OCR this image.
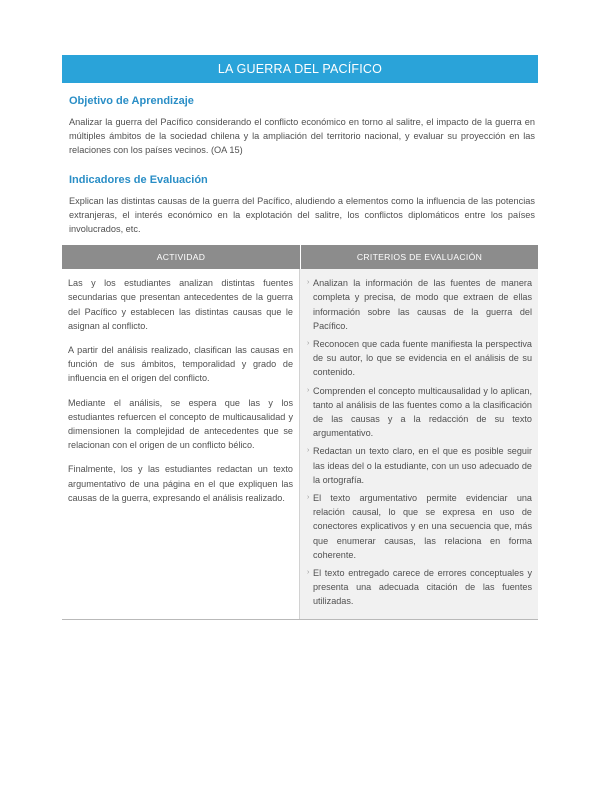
LA GUERRA DEL PACÍFICO
Objetivo de Aprendizaje
Analizar la guerra del Pacífico considerando el conflicto económico en torno al salitre, el impacto de la guerra en múltiples ámbitos de la sociedad chilena y la ampliación del territorio nacional, y evaluar su proyección en las relaciones con los países vecinos. (OA 15)
Indicadores de Evaluación
Explican las distintas causas de la guerra del Pacífico, aludiendo a elementos como la influencia de las potencias extranjeras, el interés económico en la explotación del salitre, los conflictos diplomáticos entre los países involucrados, etc.
ACTIVIDAD	CRITERIOS DE EVALUACIÓN

Las y los estudiantes analizan distintas fuentes secundarias que presentan antecedentes de la guerra del Pacífico y establecen las distintas causas que le asignan al conflicto.

A partir del análisis realizado, clasifican las causas en función de sus ámbitos, temporalidad y grado de influencia en el origen del conflicto.

Mediante el análisis, se espera que las y los estudiantes refuercen el concepto de multicausalidad y dimensionen la complejidad de antecedentes que se relacionan con el origen de un conflicto bélico.

Finalmente, los y las estudiantes redactan un texto argumentativo de una página en el que expliquen las causas de la guerra, expresando el análisis realizado.

› Analizan la información de las fuentes de manera completa y precisa, de modo que extraen de ellas información sobre las causas de la guerra del Pacífico.
› Reconocen que cada fuente manifiesta la perspectiva de su autor, lo que se evidencia en el análisis de su contenido.
› Comprenden el concepto multicausalidad y lo aplican, tanto al análisis de las fuentes como a la clasificación de las causas y a la redacción de su texto argumentativo.
› Redactan un texto claro, en el que es posible seguir las ideas del o la estudiante, con un uso adecuado de la ortografía.
› El texto argumentativo permite evidenciar una relación causal, lo que se expresa en uso de conectores explicativos y en una secuencia que, más que enumerar causas, las relaciona en forma coherente.
› El texto entregado carece de errores conceptuales y presenta una adecuada citación de las fuentes utilizadas.
